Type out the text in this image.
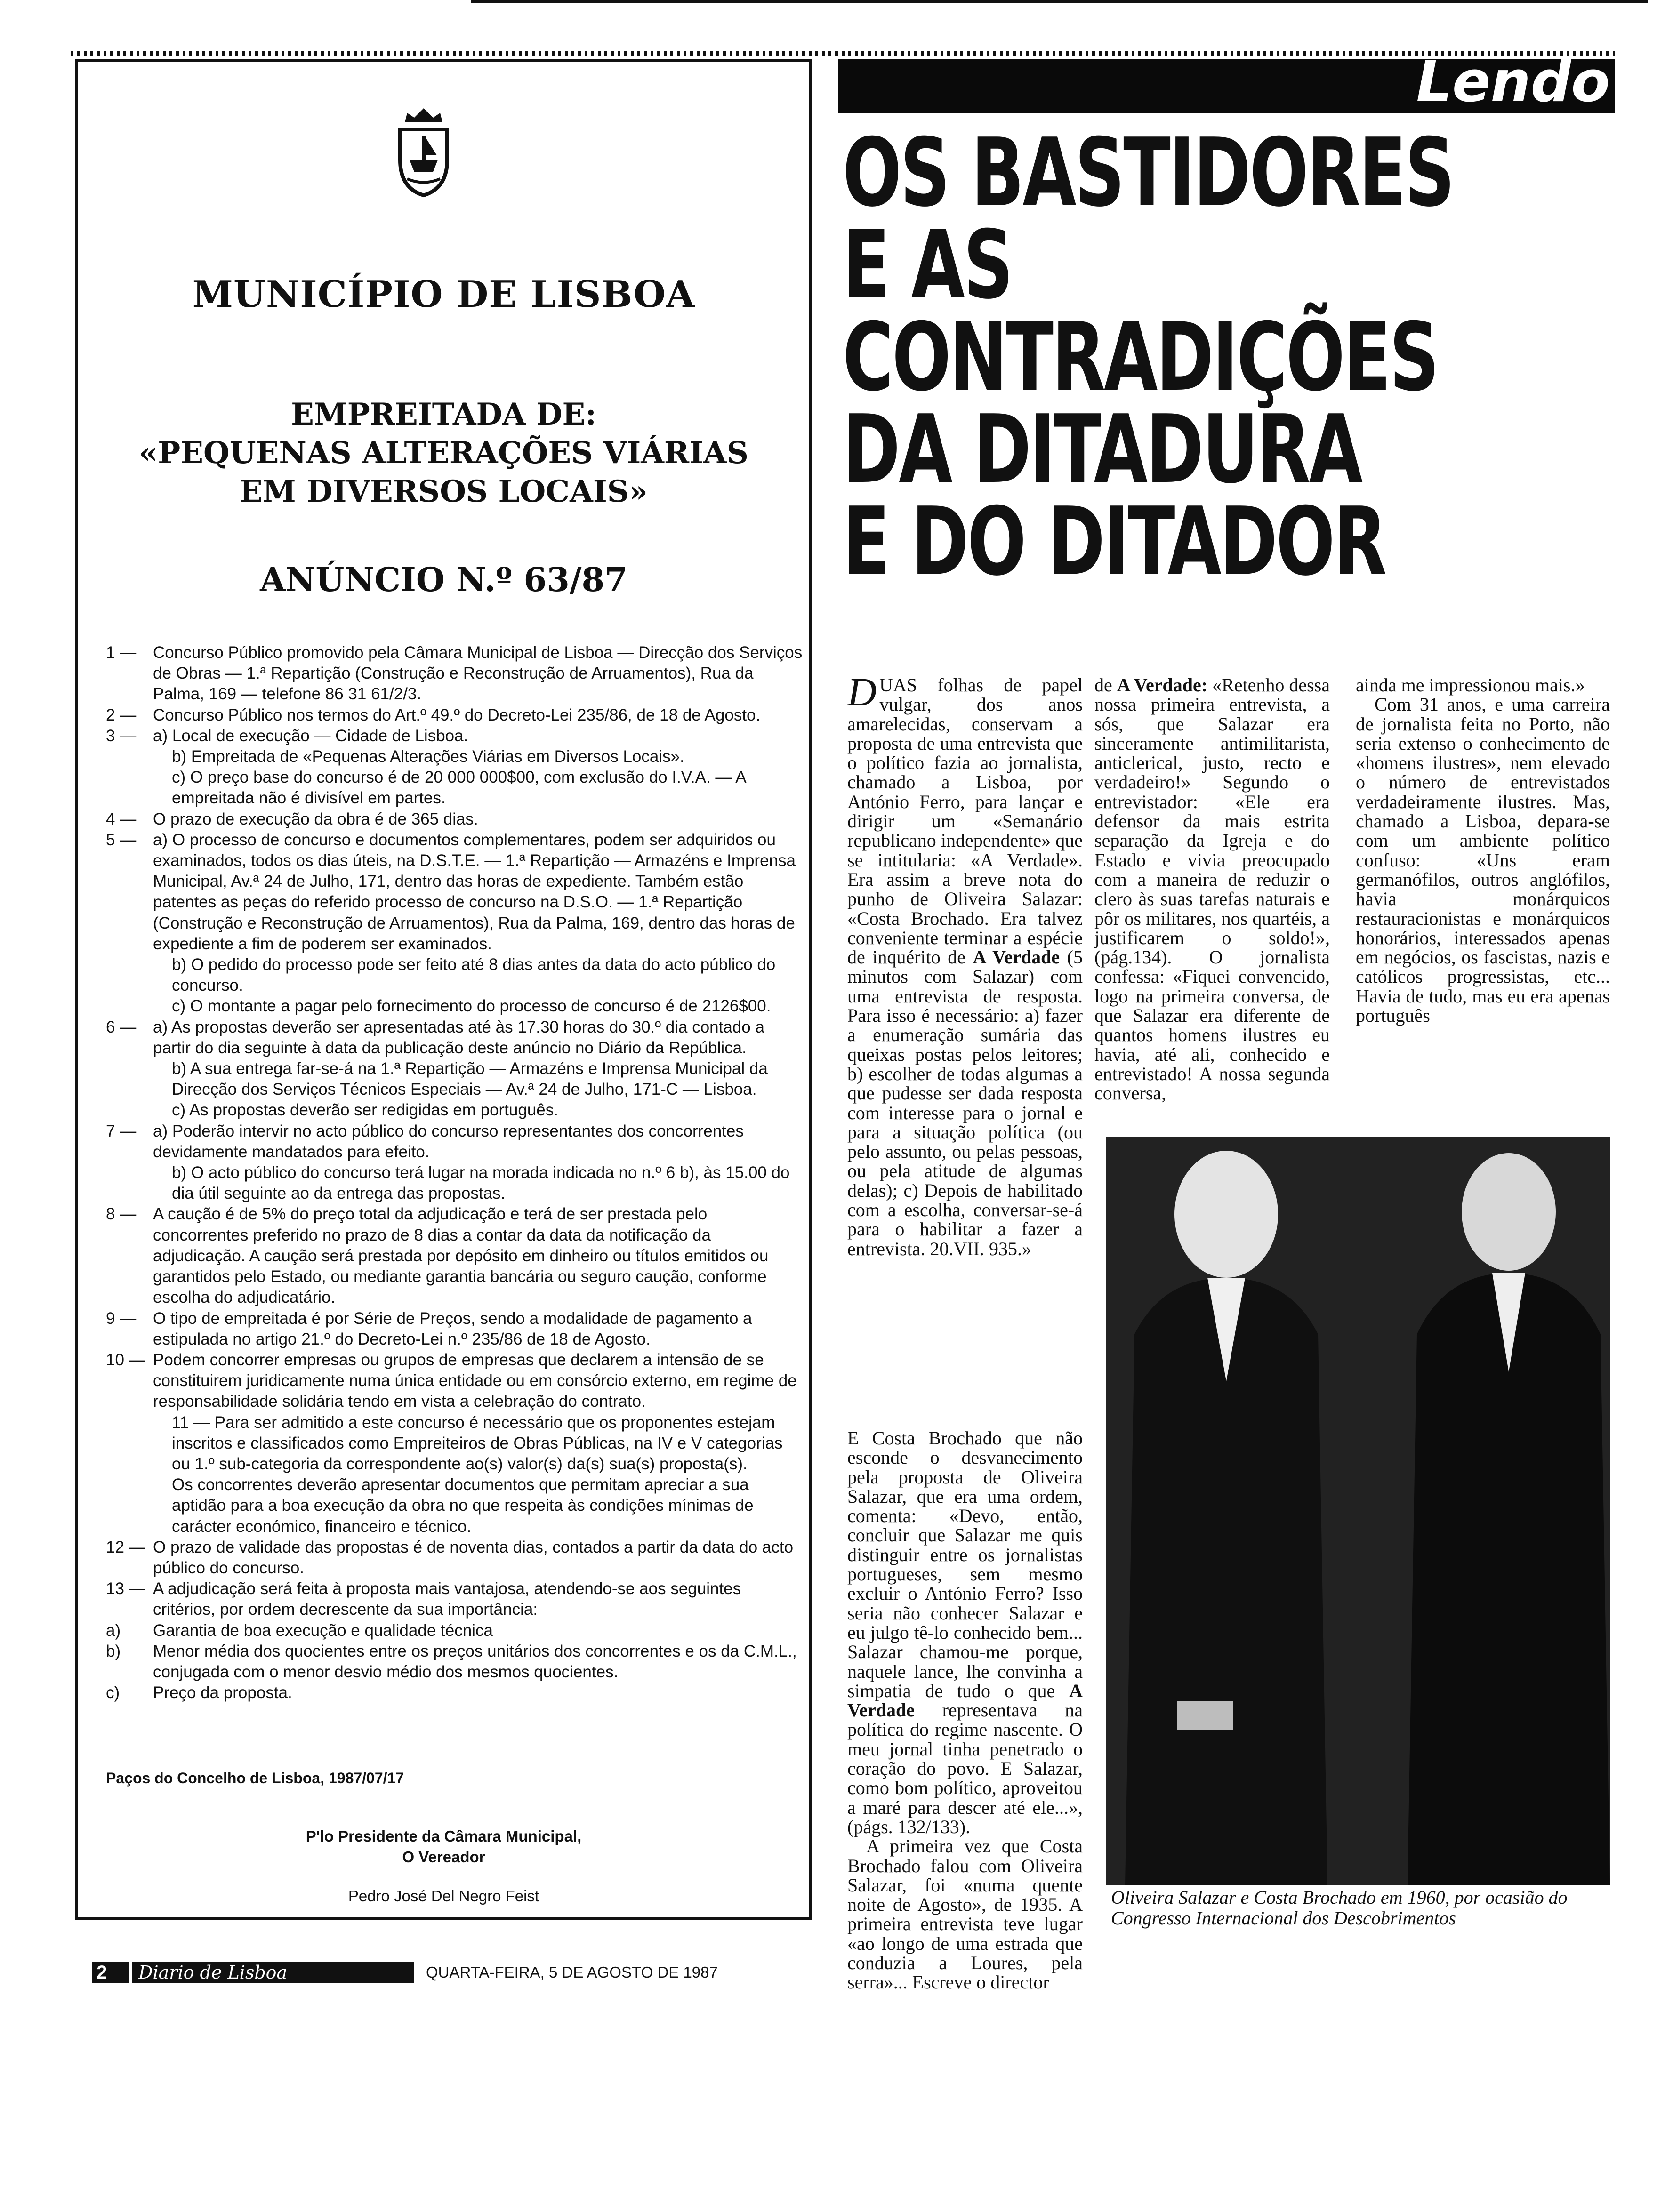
MUNICÍPIO DE LISBOA
EMPREITADA DE:
«PEQUENAS ALTERAÇÕES VIÁRIAS
EM DIVERSOS LOCAIS»
ANÚNCIO N.º 63/87
1 —	Concurso Público promovido pela Câmara Municipal de Lisboa — Direcção dos Serviços de Obras — 1.ª Repartição (Construção e Reconstrução de Arruamentos), Rua da Palma, 169 — telefone 86 31 61/2/3.
2 —	Concurso Público nos termos do Art.º 49.º do Decreto-Lei 235/86, de 18 de Agosto.
3 —	a) Local de execução — Cidade de Lisboa.
b) Empreitada de «Pequenas Alterações Viárias em Diversos Locais».
c) O preço base do concurso é de 20 000 000$00, com exclusão do I.V.A. — A empreitada não é divisível em partes.
4 —	O prazo de execução da obra é de 365 dias.
5 —	a) O processo de concurso e documentos complementares, podem ser adquiridos ou examinados, todos os dias úteis, na D.S.T.E. — 1.ª Repartição — Armazéns e Imprensa Municipal, Av.ª 24 de Julho, 171, dentro das horas de expediente. Também estão patentes as peças do referido processo de concurso na D.S.O. — 1.ª Repartição (Construção e Reconstrução de Arruamentos), Rua da Palma, 169, dentro das horas de expediente a fim de poderem ser examinados.
b) O pedido do processo pode ser feito até 8 dias antes da data do acto público do concurso.
c) O montante a pagar pelo fornecimento do processo de concurso é de 2126$00.
6 —	a) As propostas deverão ser apresentadas até às 17.30 horas do 30.º dia contado a partir do dia seguinte à data da publicação deste anúncio no Diário da República.
b) A sua entrega far-se-á na 1.ª Repartição — Armazéns e Imprensa Municipal da Direcção dos Serviços Técnicos Especiais — Av.ª 24 de Julho, 171-C — Lisboa.
c) As propostas deverão ser redigidas em português.
7 —	a) Poderão intervir no acto público do concurso representantes dos concorrentes devidamente mandatados para efeito.
b) O acto público do concurso terá lugar na morada indicada no n.º 6 b), às 15.00 do dia útil seguinte ao da entrega das propostas.
8 —	A caução é de 5% do preço total da adjudicação e terá de ser prestada pelo concorrentes preferido no prazo de 8 dias a contar da data da notificação da adjudicação. A caução será prestada por depósito em dinheiro ou títulos emitidos ou garantidos pelo Estado, ou mediante garantia bancária ou seguro caução, conforme escolha do adjudicatário.
9 —	O tipo de empreitada é por Série de Preços, sendo a modalidade de pagamento a estipulada no artigo 21.º do Decreto-Lei n.º 235/86 de 18 de Agosto.
10 — Podem concorrer empresas ou grupos de empresas que declarem a intensão de se constituirem juridicamente numa única entidade ou em consórcio externo, em regime de responsabilidade solidária tendo em vista a celebração do contrato.
11 — Para ser admitido a este concurso é necessário que os proponentes estejam inscritos e classificados como Empreiteiros de Obras Públicas, na IV e V categorias ou 1.º sub-categoria da correspondente ao(s) valor(s) da(s) sua(s) proposta(s).
Os concorrentes deverão apresentar documentos que permitam apreciar a sua aptidão para a boa execução da obra no que respeita às condições mínimas de carácter económico, financeiro e técnico.
12 — O prazo de validade das propostas é de noventa dias, contados a partir da data do acto público do concurso.
13 — A adjudicação será feita à proposta mais vantajosa, atendendo-se aos seguintes critérios, por ordem decrescente da sua importância:
a)	Garantia de boa execução e qualidade técnica
b)	Menor média dos quocientes entre os preços unitários dos concorrentes e os da C.M.L., conjugada com o menor desvio médio dos mesmos quocientes.
c)	Preço da proposta.
Paços do Concelho de Lisboa, 1987/07/17
P'lo Presidente da Câmara Municipal,
O Vereador
Pedro José Del Negro Feist
Lendo
OS BASTIDORES
E AS
CONTRADIÇÕES
DA DITADURA
E DO DITADOR

DUAS folhas de papel vulgar, dos anos amarelecidas, conservam a proposta de uma entrevista que o político fazia ao jornalista, chamado a Lisboa, por António Ferro, para lançar e dirigir um «Semanário republicano independente» que se intitularia: «A Verdade». Era assim a breve nota do punho de Oliveira Salazar: «Costa Brochado. Era talvez conveniente terminar a espécie de inquérito de A Verdade (5 minutos com Salazar) com uma entrevista de resposta. Para isso é necessário: a) fazer a enumeração sumária das queixas postas pelos leitores; b) escolher de todas algumas a que pudesse ser dada resposta com interesse para o jornal e para a situação política (ou pelo assunto, ou pelas pessoas, ou pela atitude de algumas delas); c) Depois de habilitado com a escolha, conversar-se-á para o habilitar a fazer a entrevista. 20.VII. 935.»

de A Verdade: «Retenho dessa nossa primeira entrevista, a sós, que Salazar era sinceramente antimilitarista, anticlerical, justo, recto e verdadeiro!» Segundo o entrevistador: «Ele era defensor da mais estrita separação da Igreja e do Estado e vivia preocupado com a maneira de reduzir o clero às suas tarefas naturais e pôr os militares, nos quartéis, a justificarem o soldo!», (pág.134). O jornalista confessa: «Fiquei convencido, logo na primeira conversa, de que Salazar era diferente de quantos homens ilustres eu havia, até ali, conhecido e entrevistado! A nossa segunda conversa,

ainda me impressionou mais.»

Com 31 anos, e uma carreira de jornalista feita no Porto, não seria extenso o conhecimento de «homens ilustres», nem elevado o número de entrevistados verdadeiramente ilustres. Mas, chamado a Lisboa, depara-se com um ambiente político confuso: «Uns eram germanófilos, outros anglófilos, havia monárquicos restauracionistas e monárquicos honorários, interessados apenas em negócios, os fascistas, nazis e católicos progressistas, etc... Havia de tudo, mas eu era apenas português

E Costa Brochado que não esconde o desvanecimento pela proposta de Oliveira Salazar, que era uma ordem, comenta: «Devo, então, concluir que Salazar me quis distinguir entre os jornalistas portugueses, sem mesmo excluir o António Ferro? Isso seria não conhecer Salazar e eu julgo tê-lo conhecido bem... Salazar chamou-me porque, naquele lance, lhe convinha a simpatia de tudo o que A Verdade representava na política do regime nascente. O meu jornal tinha penetrado o coração do povo. E Salazar, como bom político, aproveitou a maré para descer até ele...», (págs. 132/133).

A primeira vez que Costa Brochado falou com Oliveira Salazar, foi «numa quente noite de Agosto», de 1935. A primeira entrevista teve lugar «ao longo de uma estrada que conduzia a Loures, pela serra»... Escreve o director

Oliveira Salazar e Costa Brochado em 1960, por ocasião do Congresso Internacional dos Descobrimentos
2	Diario de Lisboa	QUARTA-FEIRA, 5 DE AGOSTO DE 1987
